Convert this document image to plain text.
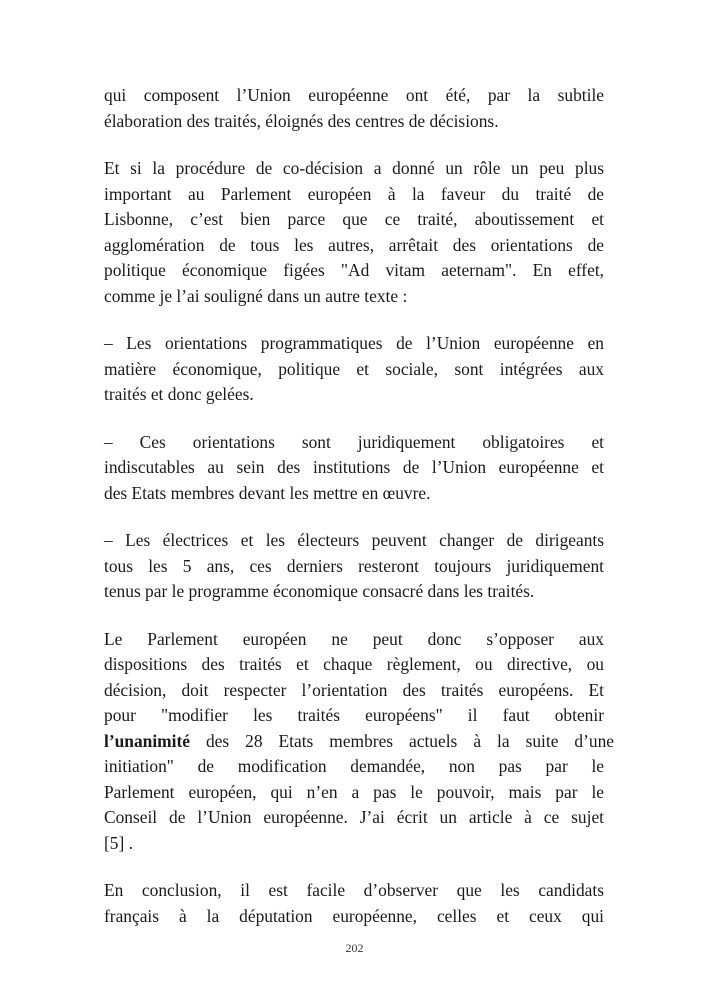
qui composent l’Union européenne ont été, par la subtile
élaboration des traités, éloignés des centres de décisions.

Et si la procédure de co-décision a donné un rôle un peu plus
important au Parlement européen à la faveur du traité de
Lisbonne, c’est bien parce que ce traité, aboutissement et
agglomération de tous les autres, arrêtait des orientations de
politique économique figées "Ad vitam aeternam". En effet,
comme je l’ai souligné dans un autre texte :

– Les orientations programmatiques de l’Union européenne en
matière économique, politique et sociale, sont intégrées aux
traités et donc gelées.

– Ces orientations sont juridiquement obligatoires et
indiscutables au sein des institutions de l’Union européenne et
des Etats membres devant les mettre en œuvre.

– Les électrices et les électeurs peuvent changer de dirigeants
tous les 5 ans, ces derniers resteront toujours juridiquement
tenus par le programme économique consacré dans les traités.

Le Parlement européen ne peut donc s’opposer aux
dispositions des traités et chaque règlement, ou directive, ou
décision, doit respecter l’orientation des traités européens. Et
pour "modifier les traités européens" il faut obtenir
l’unanimité des 28 Etats membres actuels à la suite d’une
initiation" de modification demandée, non pas par le
Parlement européen, qui n’en a pas le pouvoir, mais par le
Conseil de l’Union européenne. J’ai écrit un article à ce sujet
[5] .

En conclusion, il est facile d’observer que les candidats
français à la députation européenne, celles et ceux qui

202
